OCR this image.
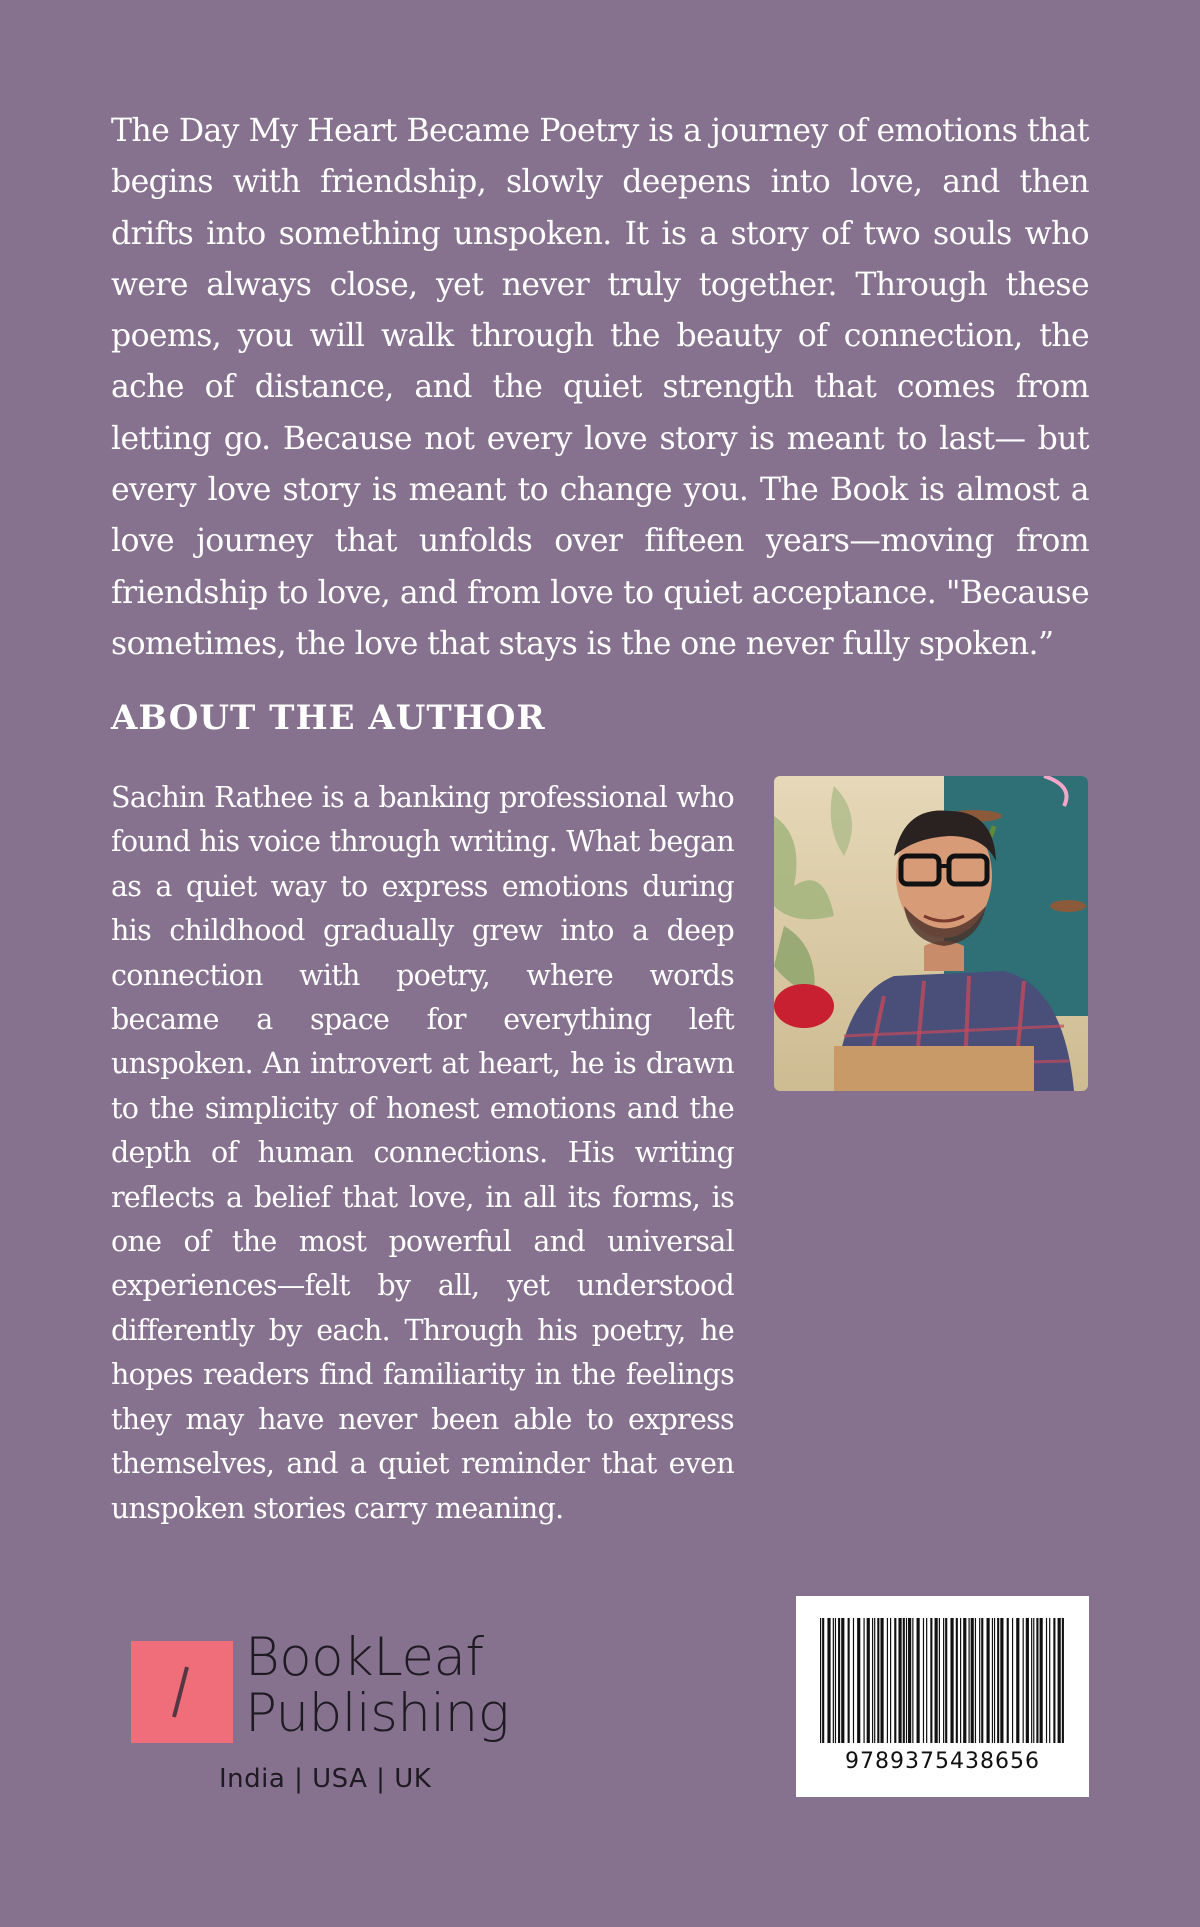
The Day My Heart Became Poetry is a journey of emotions that begins with friendship, slowly deepens into love, and then drifts into something unspoken. It is a story of two souls who were always close, yet never truly together. Through these poems, you will walk through the beauty of connection, the ache of distance, and the quiet strength that comes from letting go. Because not every love story is meant to last— but every love story is meant to change you. The Book is almost a love journey that unfolds over fifteen years—moving from friendship to love, and from love to quiet acceptance. "Because sometimes, the love that stays is the one never fully spoken.”

ABOUT THE AUTHOR

Sachin Rathee is a banking professional who found his voice through writing. What began as a quiet way to express emotions during his childhood gradually grew into a deep connection with poetry, where words became a space for everything left unspoken. An introvert at heart, he is drawn to the simplicity of honest emotions and the depth of human connections. His writing reflects a belief that love, in all its forms, is one of the most powerful and universal experiences—felt by all, yet understood differently by each. Through his poetry, he hopes readers find familiarity in the feelings they may have never been able to express themselves, and a quiet reminder that even unspoken stories carry meaning.

BookLeaf
Publishing
India | USA | UK
9789375438656
